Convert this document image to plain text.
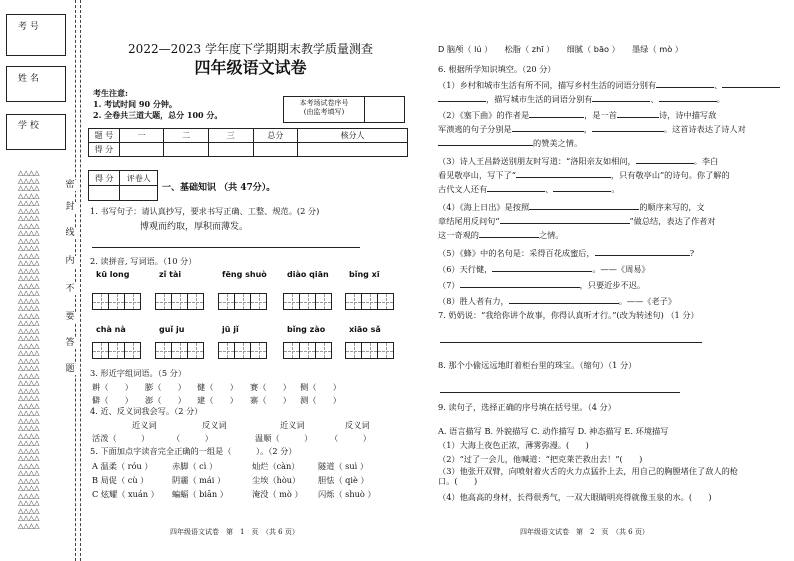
考 号
姓 名
学 校
△△△△
△△△△
△△△△
△△△△
△△△△
△△△△
△△△△
△△△△
△△△△
△△△△
△△△△
△△△△
△△△△
△△△△
△△△△
△△△△
△△△△
△△△△
△△△△
△△△△
△△△△
△△△△
△△△△
△△△△
△△△△
△△△△
△△△△
△△△△
△△△△
△△△△
△△△△
△△△△
△△△△
△△△△
△△△△
△△△△
△△△△
△△△△
△△△△
△△△△
△△△△
△△△△
△△△△
△△△△
△△△△
△△△△
△△△△
△△△△

密
封
线
内
不
要
答
题
2022—2023 学年度下学期期末教学质量测查
四年级语文试卷
考生注意:
1. 考试时间 90 分钟。
2. 全卷共三道大题，总分 100 分。
本考场试卷序号
(由监考填写)
题 号	一	二	三	总分	核分人
得 分					
得 分	评卷人

一、基础知识 （共 47分）。
1. 书写句子：请认真抄写，要求书写正确、工整、规范。(2 分)
博观而约取，厚积而薄发。
2. 读拼音, 写词语。（10 分）
kū long	zǐ tài	fēng shuò	diào qiān	bǐng xī
chà nà	guǐ ju	jū jǐ	bǐng zào	xiāo sǎ
3. 形近字组词语。（5 分）
耕（　　） 膨（　　） 健（　　） 赛（　　） 侧（　　）
僻（　　） 澎（　　） 建（　　） 寨（　　） 测（　　）
4. 近、反义词我会写。（2 分）
近义词	反义词	近义词	反义词
活泼（　　　）	（　　　）	温顺（　　　） （　　　）
5. 下面加点字读音完全正确的一组是（　　　）。（2 分）
A 温柔（ róu ） 赤脚（ cì ）	灿烂（càn） 隧道（ suì ）
B 局促（ cù ）	阴霾（ mái ）	尘埃（hòu） 胆怯（ qiè ）
C 炫耀（ xuán ） 蝙蝠（ biān ）	淹没（ mò ） 闪烁（ shuò ）
四年级语文试卷　第　1　页　（共 6 页）
D 脑颅（ lú ）　　松脂（ zhī ）　　细腻（ bāo ）　　墨绿（ mò ）
6. 根据所学知识填空。（20 分）
（1）乡村和城市生活有所不同，描写乡村生活的词语分别有	、
，描写城市生活的词语分别有	、	。
（2）《塞下曲》的作者是	，是一首	诗，诗中描写敌
军溃逃的句子分别是	，	。这首诗表达了诗人对
的赞美之情。
（3）诗人王昌龄送别朋友时写道：“洛阳亲友如相问，	。李白
看见敬亭山，写下了“	，只有敬亭山”的诗句。你了解的
古代文人还有	、	。
（4）《海上日出》是按照	的顺序来写的，文
章结尾用反问句“	”做总结，表达了作者对
这一奇观的	之情。
（5）《蜂》中的名句是：采得百花成蜜后，	?
（6）天行健，	。——《周易》
（7）	，只要近步不迟。
（8）胜人者有力，	。——《老子》
7. 奶奶说：“我给你讲个故事，你得认真听才行。”(改为转述句) （1 分）
8. 那个小偷远远地盯着柜台里的珠宝。（缩句）（1 分）
9. 读句子，选择正确的序号填在括号里。（4 分）
A. 语言描写 B. 外貌描写 C. 动作描写 D. 神态描写 E. 环境描写
（1）大海上夜色正浓，薄雾弥漫。(　　)
（2）“过了一会儿，他喊道：“把克莱芒救出去！”(　　)
（3）他张开双臂，向喷射着火舌的火力点猛扑上去，用自己的胸膛堵住了敌人的枪口。(　　)
（4）他高高的身材，长得很秀气，一双大眼睛明亮得就像玉泉的水。(　　)
四年级语文试卷　第　2　页　（共 6 页）
